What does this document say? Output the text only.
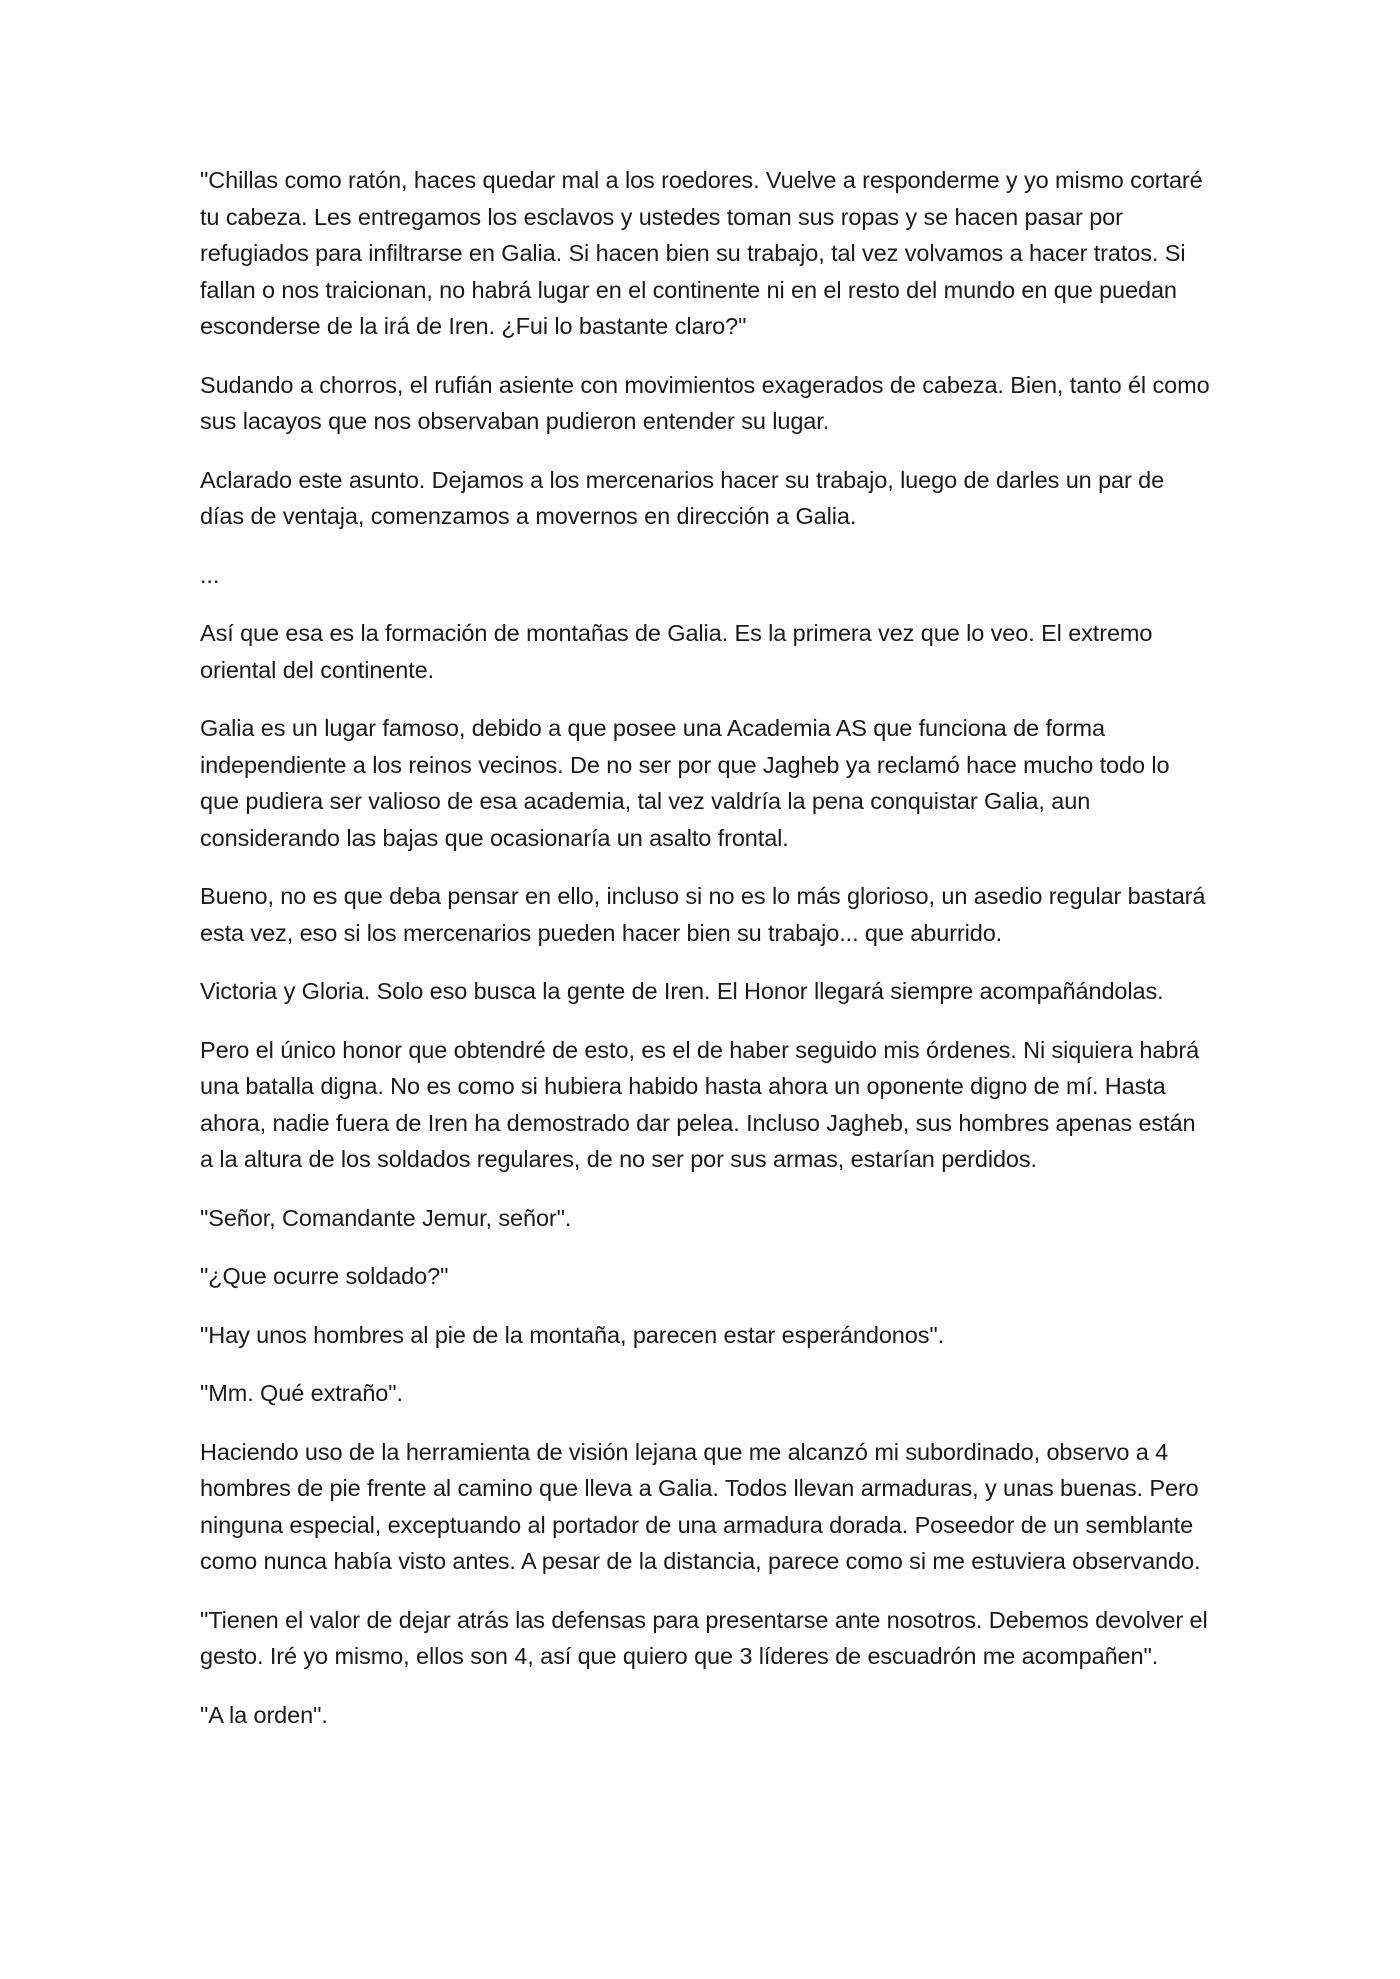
"Chillas como ratón, haces quedar mal a los roedores. Vuelve a responderme y yo mismo cortaré tu cabeza. Les entregamos los esclavos y ustedes toman sus ropas y se hacen pasar por refugiados para infiltrarse en Galia. Si hacen bien su trabajo, tal vez volvamos a hacer tratos. Si fallan o nos traicionan, no habrá lugar en el continente ni en el resto del mundo en que puedan esconderse de la irá de Iren. ¿Fui lo bastante claro?"

Sudando a chorros, el rufián asiente con movimientos exagerados de cabeza. Bien, tanto él como sus lacayos que nos observaban pudieron entender su lugar.

Aclarado este asunto. Dejamos a los mercenarios hacer su trabajo, luego de darles un par de días de ventaja, comenzamos a movernos en dirección a Galia.

...

Así que esa es la formación de montañas de Galia. Es la primera vez que lo veo. El extremo oriental del continente.

Galia es un lugar famoso, debido a que posee una Academia AS que funciona de forma independiente a los reinos vecinos. De no ser por que Jagheb ya reclamó hace mucho todo lo que pudiera ser valioso de esa academia, tal vez valdría la pena conquistar Galia, aun considerando las bajas que ocasionaría un asalto frontal.

Bueno, no es que deba pensar en ello, incluso si no es lo más glorioso, un asedio regular bastará esta vez, eso si los mercenarios pueden hacer bien su trabajo... que aburrido.

Victoria y Gloria. Solo eso busca la gente de Iren. El Honor llegará siempre acompañándolas.

Pero el único honor que obtendré de esto, es el de haber seguido mis órdenes. Ni siquiera habrá una batalla digna. No es como si hubiera habido hasta ahora un oponente digno de mí. Hasta ahora, nadie fuera de Iren ha demostrado dar pelea. Incluso Jagheb, sus hombres apenas están a la altura de los soldados regulares, de no ser por sus armas, estarían perdidos.

"Señor, Comandante Jemur, señor".

"¿Que ocurre soldado?"

"Hay unos hombres al pie de la montaña, parecen estar esperándonos".

"Mm. Qué extraño".

Haciendo uso de la herramienta de visión lejana que me alcanzó mi subordinado, observo a 4 hombres de pie frente al camino que lleva a Galia. Todos llevan armaduras, y unas buenas. Pero ninguna especial, exceptuando al portador de una armadura dorada. Poseedor de un semblante como nunca había visto antes. A pesar de la distancia, parece como si me estuviera observando.

"Tienen el valor de dejar atrás las defensas para presentarse ante nosotros. Debemos devolver el gesto. Iré yo mismo, ellos son 4, así que quiero que 3 líderes de escuadrón me acompañen".

"A la orden".
